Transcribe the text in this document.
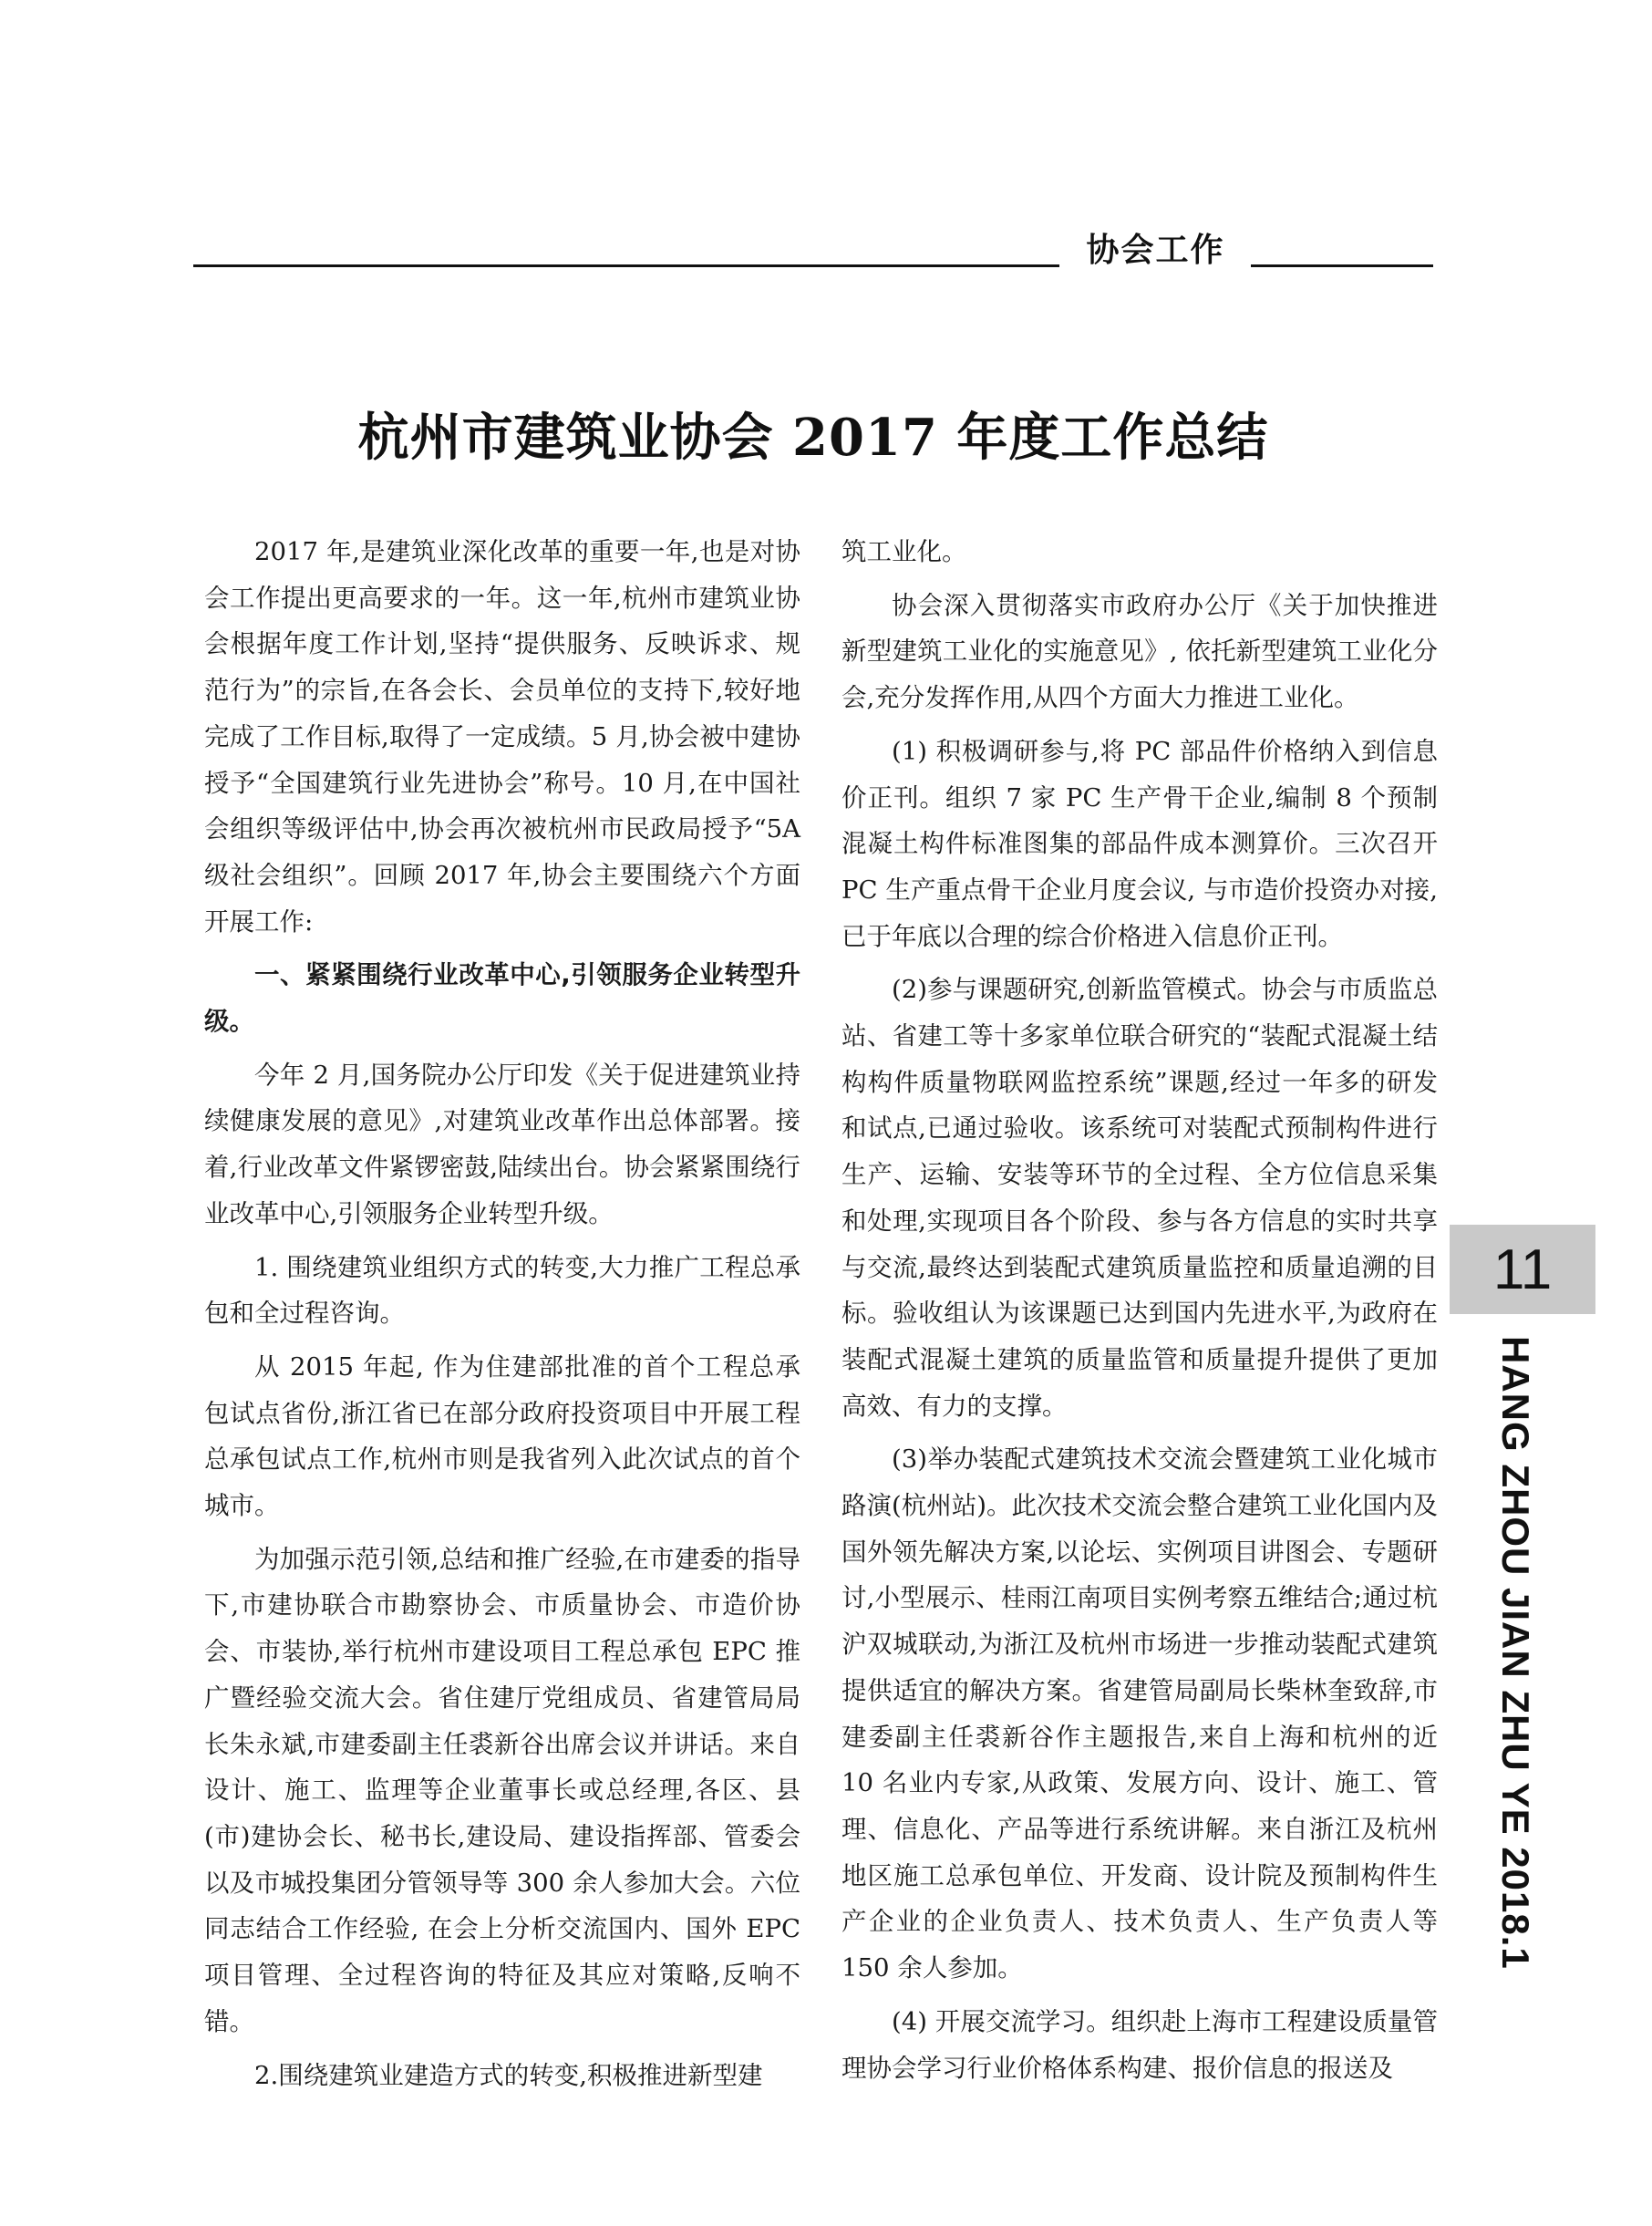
协会工作
杭州市建筑业协会 2017 年度工作总结

2017 年,是建筑业深化改革的重要一年,也是对协会工作提出更高要求的一年。这一年,杭州市建筑业协会根据年度工作计划,坚持“提供服务、反映诉求、规范行为”的宗旨,在各会长、会员单位的支持下,较好地完成了工作目标,取得了一定成绩。5 月,协会被中建协授予“全国建筑行业先进协会”称号。10 月,在中国社会组织等级评估中,协会再次被杭州市民政局授予“5A 级社会组织”。回顾 2017 年,协会主要围绕六个方面开展工作:

一、紧紧围绕行业改革中心,引领服务企业转型升级。

今年 2 月,国务院办公厅印发《关于促进建筑业持续健康发展的意见》,对建筑业改革作出总体部署。接着,行业改革文件紧锣密鼓,陆续出台。协会紧紧围绕行业改革中心,引领服务企业转型升级。

1. 围绕建筑业组织方式的转变,大力推广工程总承包和全过程咨询。

从 2015 年起, 作为住建部批准的首个工程总承包试点省份,浙江省已在部分政府投资项目中开展工程总承包试点工作,杭州市则是我省列入此次试点的首个城市。

为加强示范引领,总结和推广经验,在市建委的指导下,市建协联合市勘察协会、市质量协会、市造价协会、市装协,举行杭州市建设项目工程总承包 EPC 推广暨经验交流大会。省住建厅党组成员、省建管局局长朱永斌,市建委副主任裘新谷出席会议并讲话。来自设计、施工、监理等企业董事长或总经理,各区、县(市)建协会长、秘书长,建设局、建设指挥部、管委会以及市城投集团分管领导等 300 余人参加大会。六位同志结合工作经验, 在会上分析交流国内、国外 EPC 项目管理、全过程咨询的特征及其应对策略,反响不错。

2.围绕建筑业建造方式的转变,积极推进新型建

筑工业化。

协会深入贯彻落实市政府办公厅《关于加快推进新型建筑工业化的实施意见》, 依托新型建筑工业化分会,充分发挥作用,从四个方面大力推进工业化。

(1) 积极调研参与,将 PC 部品件价格纳入到信息价正刊。组织 7 家 PC 生产骨干企业,编制 8 个预制混凝土构件标准图集的部品件成本测算价。三次召开 PC 生产重点骨干企业月度会议, 与市造价投资办对接,已于年底以合理的综合价格进入信息价正刊。

(2)参与课题研究,创新监管模式。协会与市质监总站、省建工等十多家单位联合研究的“装配式混凝土结构构件质量物联网监控系统”课题,经过一年多的研发和试点,已通过验收。该系统可对装配式预制构件进行生产、运输、安装等环节的全过程、全方位信息采集和处理,实现项目各个阶段、参与各方信息的实时共享与交流,最终达到装配式建筑质量监控和质量追溯的目标。验收组认为该课题已达到国内先进水平,为政府在装配式混凝土建筑的质量监管和质量提升提供了更加高效、有力的支撑。

(3)举办装配式建筑技术交流会暨建筑工业化城市路演(杭州站)。此次技术交流会整合建筑工业化国内及国外领先解决方案,以论坛、实例项目讲图会、专题研讨,小型展示、桂雨江南项目实例考察五维结合;通过杭沪双城联动,为浙江及杭州市场进一步推动装配式建筑提供适宜的解决方案。省建管局副局长柴林奎致辞,市建委副主任裘新谷作主题报告,来自上海和杭州的近 10 名业内专家,从政策、发展方向、设计、施工、管理、信息化、产品等进行系统讲解。来自浙江及杭州地区施工总承包单位、开发商、设计院及预制构件生产企业的企业负责人、技术负责人、生产负责人等 150 余人参加。

(4) 开展交流学习。组织赴上海市工程建设质量管理协会学习行业价格体系构建、报价信息的报送及

11
HANG ZHOU JIAN ZHU YE 2018.1
